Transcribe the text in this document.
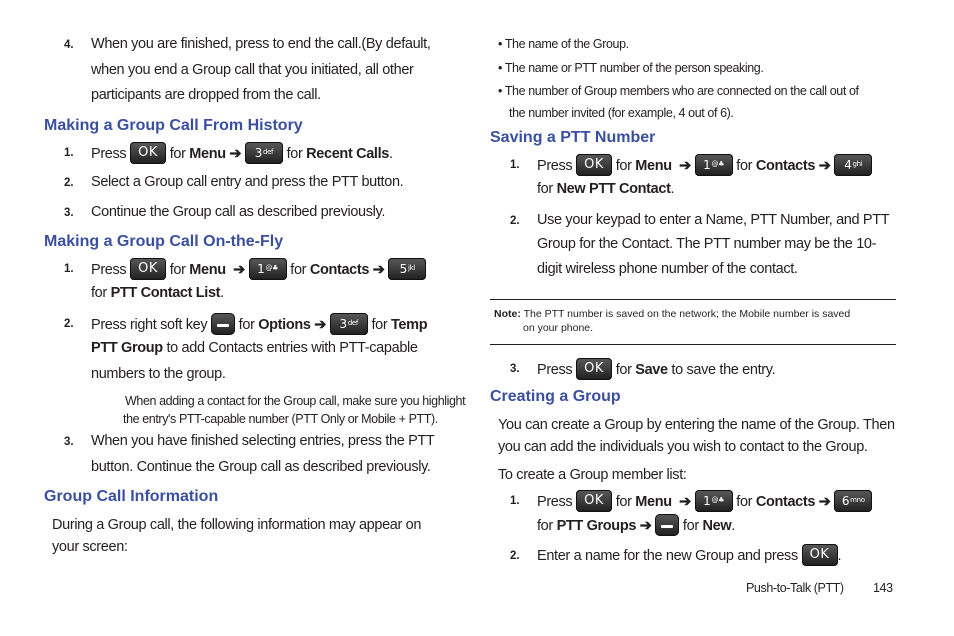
4. When you are finished, press to end the call.(By default,
when you end a Group call that you initiated, all other
participants are dropped from the call.
Making a Group Call From History
1. Press OK for Menu ➔ $3^{def}$ for Recent Calls.
2. Select a Group call entry and press the PTT button.
3. Continue the Group call as described previously.
Making a Group Call On-the-Fly
1. Press OK for Menu ➔ 1@♣ for Contacts ➔ $5^{jkl}$
for PTT Contact List.
2. Press right soft key for Options ➔ $3^{def}$ for Temp
PTT Group to add Contacts entries with PTT-capable
numbers to the group.
When adding a contact for the Group call, make sure you highlight
the entry's PTT-capable number (PTT Only or Mobile + PTT).
3. When you have finished selecting entries, press the PTT
button. Continue the Group call as described previously.
Group Call Information
During a Group call, the following information may appear on
your screen:
• The name of the Group.
• The name or PTT number of the person speaking.
• The number of Group members who are connected on the call out of
the number invited (for example, 4 out of 6).
Saving a PTT Number
1. Press OK for Menu ➔ 1@♣ for Contacts ➔ $4^{ghi}$
for New PTT Contact.
2. Use your keypad to enter a Name, PTT Number, and PTT
Group for the Contact. The PTT number may be the 10-
digit wireless phone number of the contact.
Note: The PTT number is saved on the network; the Mobile number is saved
on your phone.
3. Press OK for Save to save the entry.
Creating a Group
You can create a Group by entering the name of the Group. Then
you can add the individuals you wish to contact to the Group.
To create a Group member list:
1. Press OK for Menu ➔ 1@♣ for Contacts ➔ $6^{mno}$
for PTT Groups ➔ for New.
2. Enter a name for the new Group and press OK .
Push-to-Talk (PTT) 143
